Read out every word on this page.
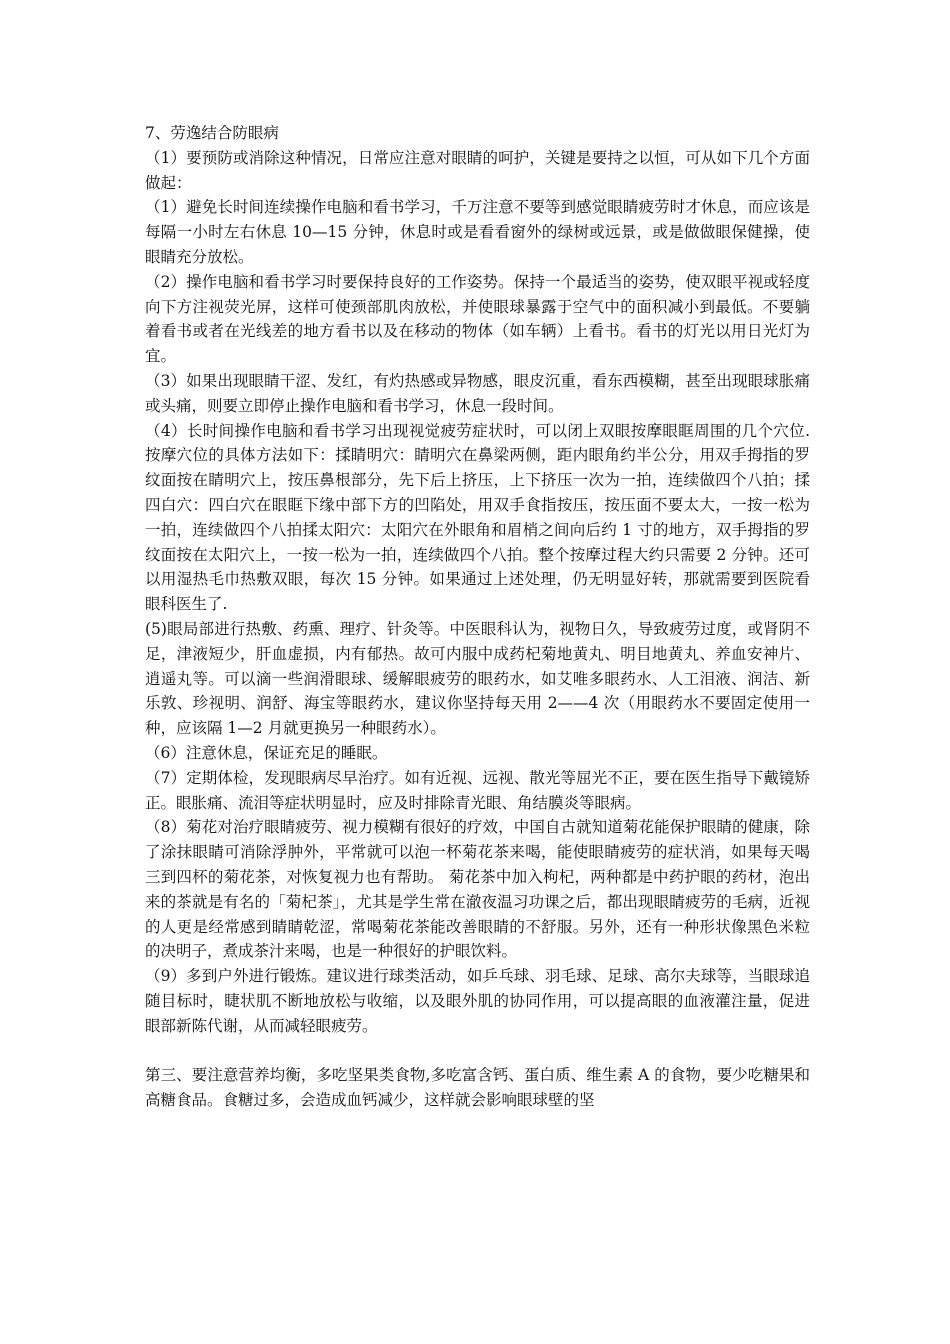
7、劳逸结合防眼病

（1）要预防或消除这种情况，日常应注意对眼睛的呵护，关键是要持之以恒，可从如下几个方面做起：

（1）避免长时间连续操作电脑和看书学习，千万注意不要等到感觉眼睛疲劳时才休息，而应该是每隔一小时左右休息 10—15 分钟，休息时或是看看窗外的绿树或远景，或是做做眼保健操，使眼睛充分放松。

（2）操作电脑和看书学习时要保持良好的工作姿势。保持一个最适当的姿势，使双眼平视或轻度向下方注视荧光屏，这样可使颈部肌肉放松，并使眼球暴露于空气中的面积减小到最低。不要躺着看书或者在光线差的地方看书以及在移动的物体（如车辆）上看书。看书的灯光以用日光灯为宜。

（3）如果出现眼睛干涩、发红，有灼热感或异物感，眼皮沉重，看东西模糊，甚至出现眼球胀痛或头痛，则要立即停止操作电脑和看书学习，休息一段时间。

（4）长时间操作电脑和看书学习出现视觉疲劳症状时，可以闭上双眼按摩眼眶周围的几个穴位.按摩穴位的具体方法如下：揉睛明穴：睛明穴在鼻梁两侧，距内眼角约半公分，用双手拇指的罗纹面按在睛明穴上，按压鼻根部分，先下后上挤压，上下挤压一次为一拍，连续做四个八拍；揉四白穴：四白穴在眼眶下缘中部下方的凹陷处，用双手食指按压，按压面不要太大，一按一松为一拍，连续做四个八拍揉太阳穴：太阳穴在外眼角和眉梢之间向后约 1 寸的地方，双手拇指的罗纹面按在太阳穴上，一按一松为一拍，连续做四个八拍。整个按摩过程大约只需要 2 分钟。还可以用湿热毛巾热敷双眼，每次 15 分钟。如果通过上述处理，仍无明显好转，那就需要到医院看眼科医生了.

(5)眼局部进行热敷、药熏、理疗、针灸等。中医眼科认为，视物日久，导致疲劳过度，或肾阴不足，津液短少，肝血虚损，内有郁热。故可内服中成药杞菊地黄丸、明目地黄丸、养血安神片、逍遥丸等。可以滴一些润滑眼球、缓解眼疲劳的眼药水，如艾唯多眼药水、人工泪液、润洁、新乐敦、珍视明、润舒、海宝等眼药水，建议你坚持每天用 2——4 次（用眼药水不要固定使用一种，应该隔 1—2 月就更换另一种眼药水）。

（6）注意休息，保证充足的睡眠。

（7）定期体检，发现眼病尽早治疗。如有近视、远视、散光等屈光不正，要在医生指导下戴镜矫正。眼胀痛、流泪等症状明显时，应及时排除青光眼、角结膜炎等眼病。

（8）菊花对治疗眼睛疲劳、视力模糊有很好的疗效，中国自古就知道菊花能保护眼睛的健康，除了涂抹眼睛可消除浮肿外，平常就可以泡一杯菊花茶来喝，能使眼睛疲劳的症状消，如果每天喝三到四杯的菊花茶，对恢复视力也有帮助。 菊花茶中加入枸杞，两种都是中药护眼的药材，泡出来的茶就是有名的「菊杞茶」，尤其是学生常在澈夜温习功课之后，都出现眼睛疲劳的毛病，近视的人更是经常感到睛睛乾涩，常喝菊花茶能改善眼睛的不舒服。另外，还有一种形状像黑色米粒的决明子，煮成茶汁来喝，也是一种很好的护眼饮料。

（9）多到户外进行锻炼。建议进行球类活动，如乒乓球、羽毛球、足球、高尔夫球等，当眼球追随目标时，睫状肌不断地放松与收缩，以及眼外肌的协同作用，可以提高眼的血液灌注量，促进眼部新陈代谢，从而减轻眼疲劳。

第三、要注意营养均衡，多吃坚果类食物,多吃富含钙、蛋白质、维生素 A 的食物，要少吃糖果和高糖食品。食糖过多，会造成血钙减少，这样就会影响眼球壁的坚
